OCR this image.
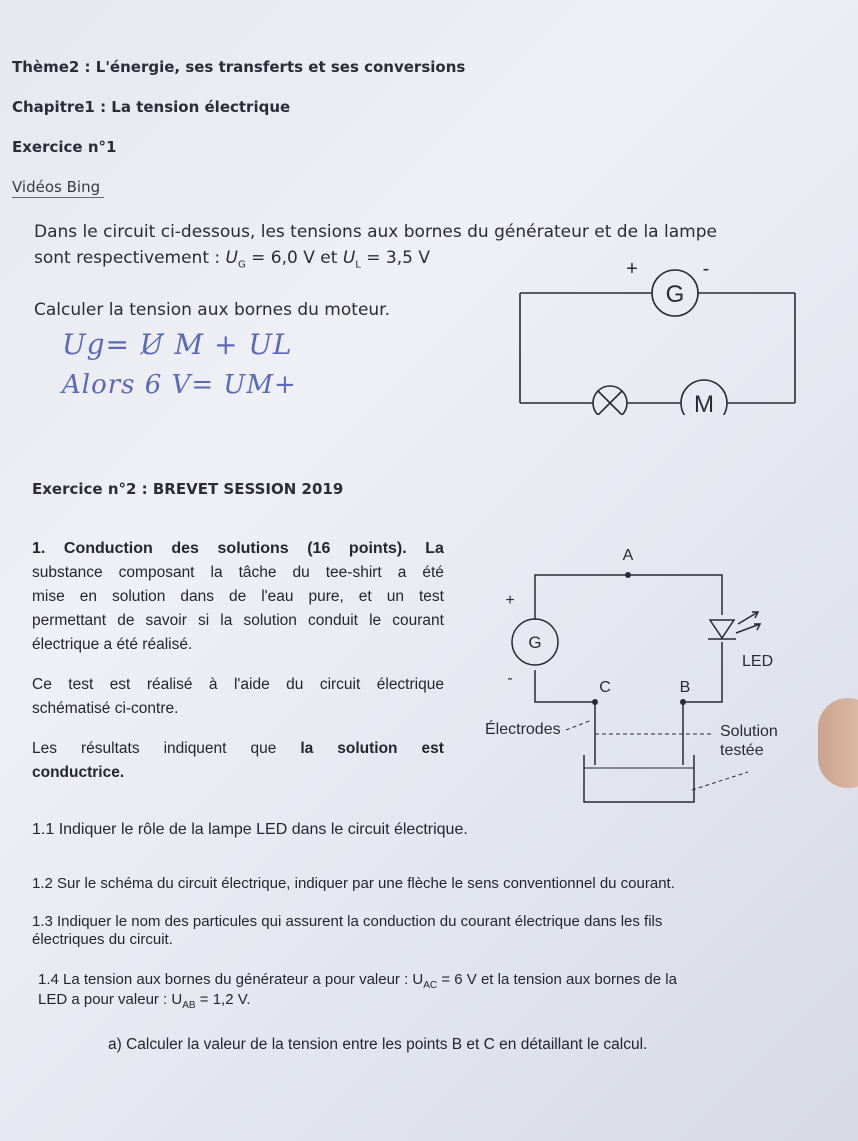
Thème2 : L'énergie, ses transferts et ses conversions
Chapitre1 : La tension électrique
Exercice n°1
Vidéos Bing
Dans le circuit ci-dessous, les tensions aux bornes du générateur et de la lampe
sont respectivement : $U_G = 6,0$ V et $U_L = 3,5$ V
Calculer la tension aux bornes du moteur.
Ug= U̸ M + UL
Alors 6 V= UM+
G
M
+	-
Exercice n°2 : BREVET SESSION 2019
1. Conduction des solutions (16 points). La
substance composant la tâche du tee-shirt a été
mise en solution dans de l'eau pure, et un test
permettant de savoir si la solution conduit le courant
électrique a été réalisé.
Ce test est réalisé à l'aide du circuit électrique
schématisé ci-contre.
Les résultats indiquent que la solution est
conductrice.
A
C	B
G
+
-
LED
Électrodes	Solution
testée
1.1 Indiquer le rôle de la lampe LED dans le circuit électrique.
1.2 Sur le schéma du circuit électrique, indiquer par une flèche le sens conventionnel du courant.
1.3 Indiquer le nom des particules qui assurent la conduction du courant électrique dans les fils
électriques du circuit.
1.4 La tension aux bornes du générateur a pour valeur : $U_{AC} = 6$ V et la tension aux bornes de la
LED a pour valeur : $U_{AB} = 1,2$ V.
a) Calculer la valeur de la tension entre les points B et C en détaillant le calcul.
